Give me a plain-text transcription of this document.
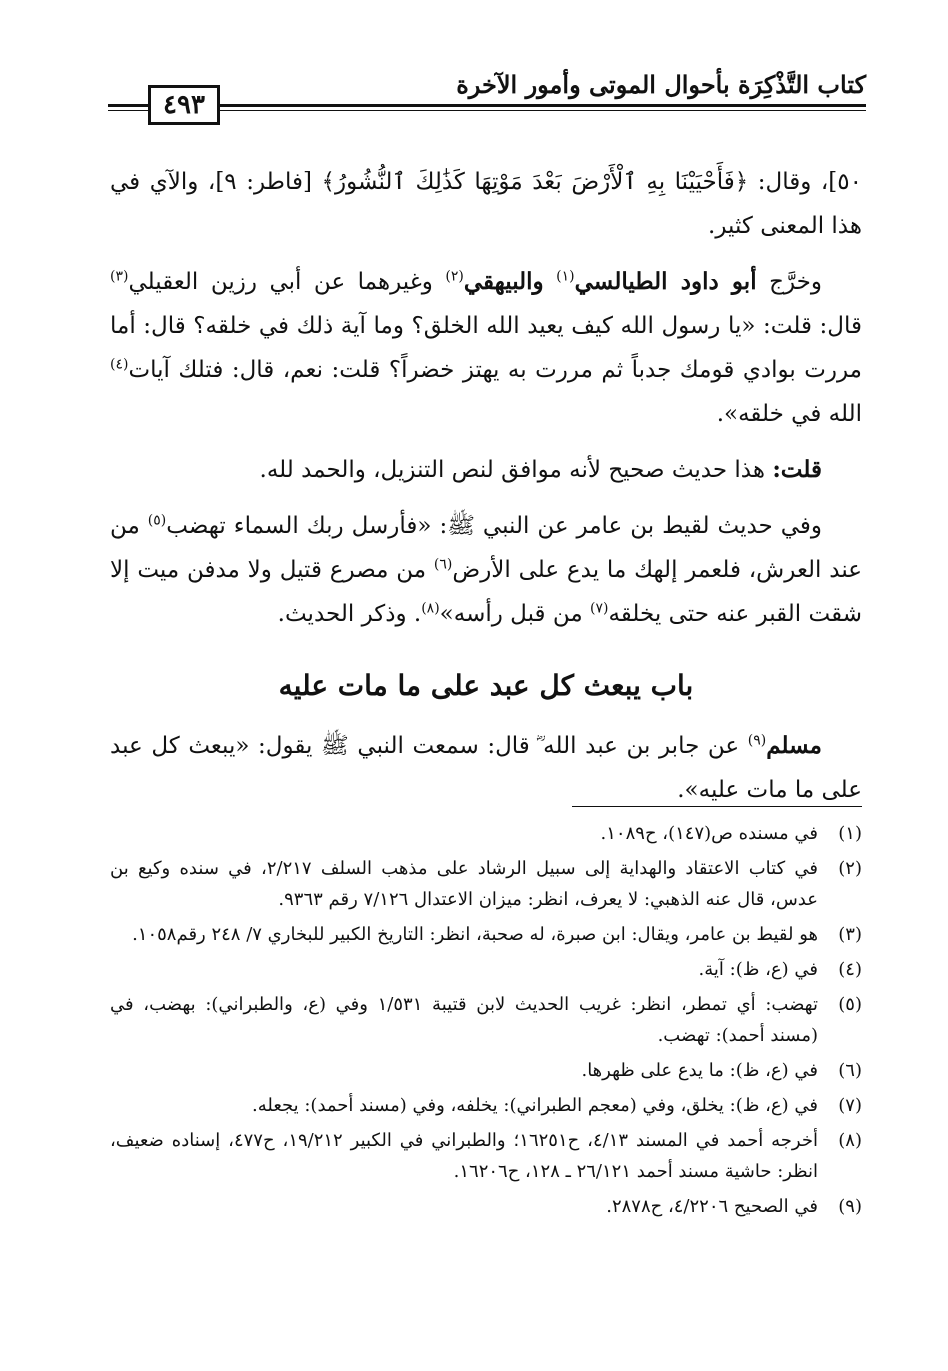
كتاب التَّذْكِرَة بأحوال الموتى وأمور الآخرة
٤٩٣

٥٠]، وقال: ﴿فَأَحْيَيْنَا بِهِ ٱلْأَرْضَ بَعْدَ مَوْتِهَا كَذَٰلِكَ ٱلنُّشُورُ﴾ [فاطر: ٩]، والآي في هذا المعنى كثير.

وخرَّج أبو داود الطيالسي$^{(١)}$ والبيهقي$^{(٢)}$ وغيرهما عن أبي رزين العقيلي$^{(٣)}$ قال: قلت: «يا رسول الله كيف يعيد الله الخلق؟ وما آية ذلك في خلقه؟ قال: أما مررت بوادي قومك جدباً ثم مررت به يهتز خضراً؟ قلت: نعم، قال: فتلك آيات$^{(٤)}$ الله في خلقه».

قلت: هذا حديث صحيح لأنه موافق لنص التنزيل، والحمد لله.

وفي حديث لقيط بن عامر عن النبي ﷺ: «فأرسل ربك السماء تهضب$^{(٥)}$ من عند العرش، فلعمر إلهك ما يدع على الأرض$^{(٦)}$ من مصرع قتيل ولا مدفن ميت إلا شقت القبر عنه حتى يخلقه$^{(٧)}$ من قبل رأسه»$^{(٨)}$. وذكر الحديث.

باب يبعث كل عبد على ما مات عليه

مسلم$^{(٩)}$ عن جابر بن عبد الله ؓ قال: سمعت النبي ﷺ يقول: «يبعث كل عبد على ما مات عليه».

(١)
في مسنده ص(١٤٧)، ح١٠٨٩.
(٢)
في كتاب الاعتقاد والهداية إلى سبيل الرشاد على مذهب السلف ٢/٢١٧، في سنده وكيع بن عدس، قال عنه الذهبي: لا يعرف، انظر: ميزان الاعتدال ٧/١٢٦ رقم ٩٣٦٣.
(٣)
هو لقيط بن عامر، ويقال: ابن صبرة، له صحبة، انظر: التاريخ الكبير للبخاري ٧/ ٢٤٨ رقم١٠٥٨.
(٤)
في (ع، ظ): آية.
(٥)
تهضب: أي تمطر، انظر: غريب الحديث لابن قتيبة ١/٥٣١ وفي (ع، والطبراني): بهضب، في (مسند أحمد): تهضب.
(٦)
في (ع، ظ): ما يدع على ظهرها.
(٧)
في (ع، ظ): يخلق، وفي (معجم الطبراني): يخلفه، وفي (مسند أحمد): يجعله.
(٨)
أخرجه أحمد في المسند ٤/١٣، ح١٦٢٥١؛ والطبراني في الكبير ١٩/٢١٢، ح٤٧٧، إسناده ضعيف، انظر: حاشية مسند أحمد ٢٦/١٢١ ـ ١٢٨، ح١٦٢٠٦.
(٩)
في الصحيح ٤/٢٢٠٦، ح٢٨٧٨.
